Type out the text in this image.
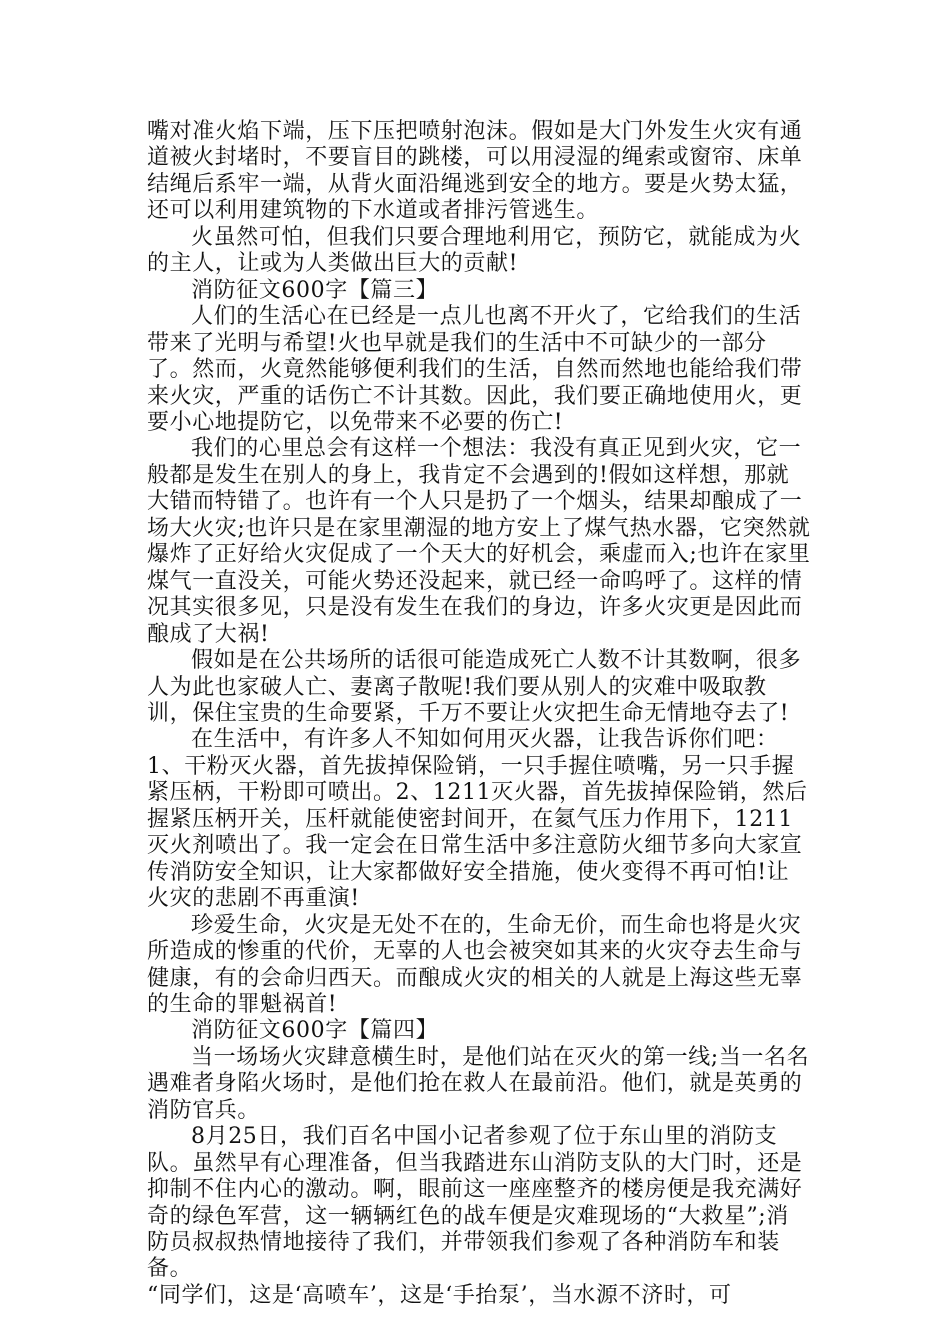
嘴对准火焰下端，压下压把喷射泡沫。假如是大门外发生火灾有通道被火封堵时，不要盲目的跳楼，可以用浸湿的绳索或窗帘、床单结绳后系牢一端，从背火面沿绳逃到安全的地方。要是火势太猛，还可以利用建筑物的下水道或者排污管逃生。

火虽然可怕，但我们只要合理地利用它，预防它，就能成为火的主人，让或为人类做出巨大的贡献!

消防征文600字【篇三】

人们的生活心在已经是一点儿也离不开火了，它给我们的生活带来了光明与希望!火也早就是我们的生活中不可缺少的一部分了。然而，火竟然能够便利我们的生活，自然而然地也能给我们带来火灾，严重的话伤亡不计其数。因此，我们要正确地使用火，更要小心地提防它，以免带来不必要的伤亡!

我们的心里总会有这样一个想法：我没有真正见到火灾，它一般都是发生在别人的身上，我肯定不会遇到的!假如这样想，那就大错而特错了。也许有一个人只是扔了一个烟头，结果却酿成了一场大火灾;也许只是在家里潮湿的地方安上了煤气热水器，它突然就爆炸了正好给火灾促成了一个天大的好机会，乘虚而入;也许在家里煤气一直没关，可能火势还没起来，就已经一命呜呼了。这样的情况其实很多见，只是没有发生在我们的身边，许多火灾更是因此而酿成了大祸!

假如是在公共场所的话很可能造成死亡人数不计其数啊，很多人为此也家破人亡、妻离子散呢!我们要从别人的灾难中吸取教训，保住宝贵的生命要紧，千万不要让火灾把生命无情地夺去了!

在生活中，有许多人不知如何用灭火器，让我告诉你们吧：1、干粉灭火器，首先拔掉保险销，一只手握住喷嘴，另一只手握紧压柄，干粉即可喷出。2、1211灭火器，首先拔掉保险销，然后握紧压柄开关，压杆就能使密封间开，在氦气压力作用下，1211灭火剂喷出了。我一定会在日常生活中多注意防火细节多向大家宣传消防安全知识，让大家都做好安全措施，使火变得不再可怕!让火灾的悲剧不再重演!

珍爱生命，火灾是无处不在的，生命无价，而生命也将是火灾所造成的惨重的代价，无辜的人也会被突如其来的火灾夺去生命与健康，有的会命归西天。而酿成火灾的相关的人就是上海这些无辜的生命的罪魁祸首!

消防征文600字【篇四】

当一场场火灾肆意横生时，是他们站在灭火的第一线;当一名名遇难者身陷火场时，是他们抢在救人在最前沿。他们，就是英勇的消防官兵。

8月25日，我们百名中国小记者参观了位于东山里的消防支队。虽然早有心理准备，但当我踏进东山消防支队的大门时，还是抑制不住内心的激动。啊，眼前这一座座整齐的楼房便是我充满好奇的绿色军营，这一辆辆红色的战车便是灾难现场的“大救星”;消防员叔叔热情地接待了我们，并带领我们参观了各种消防车和装备。

“同学们，这是‘高喷车’，这是‘手抬泵’，当水源不济时，可
